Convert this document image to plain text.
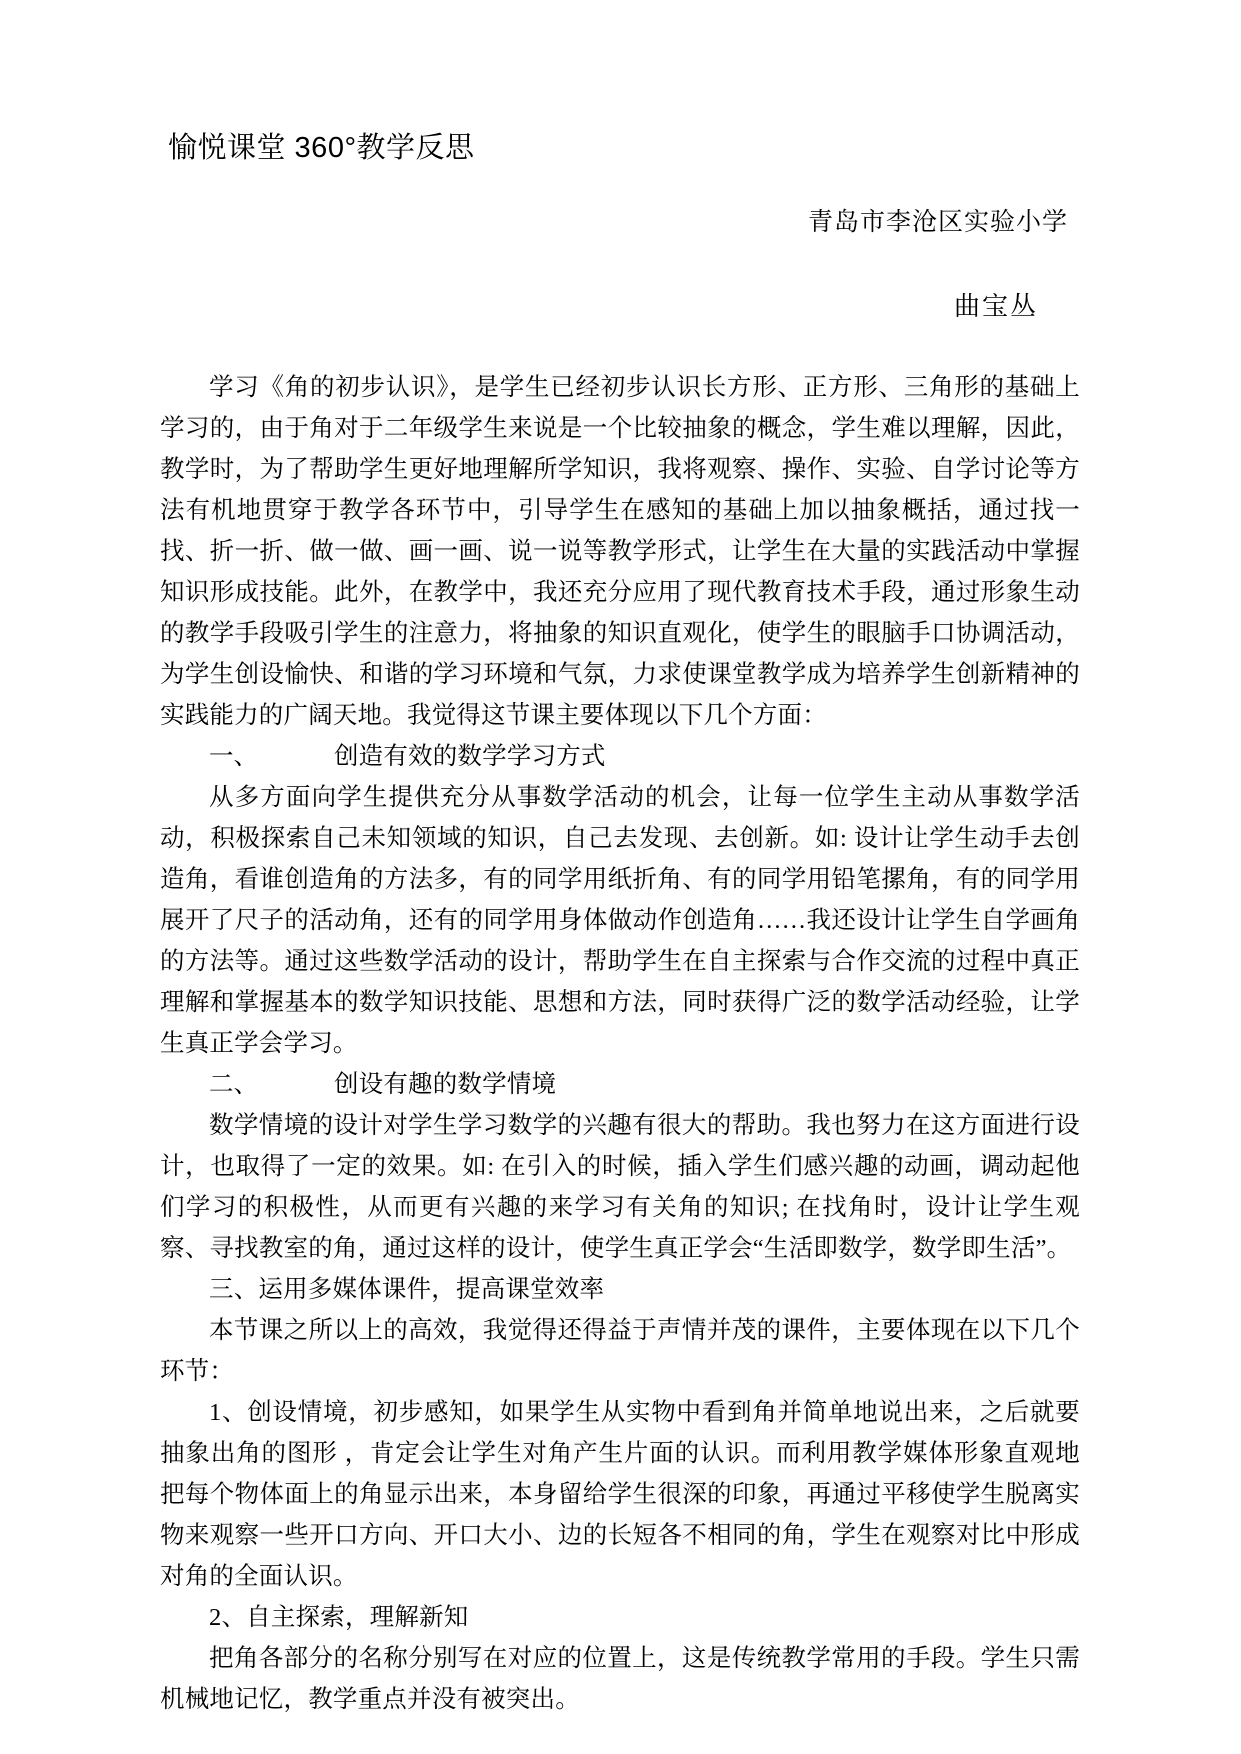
愉悦课堂 360°教学反思
青岛市李沧区实验小学
曲宝丛

学习《角的初步认识》，是学生已经初步认识长方形、正方形、三角形的基础上学习的，由于角对于二年级学生来说是一个比较抽象的概念，学生难以理解，因此，教学时，为了帮助学生更好地理解所学知识，我将观察、操作、实验、自学讨论等方法有机地贯穿于教学各环节中，引导学生在感知的基础上加以抽象概括，通过找一找、折一折、做一做、画一画、说一说等教学形式，让学生在大量的实践活动中掌握知识形成技能。此外，在教学中，我还充分应用了现代教育技术手段，通过形象生动的教学手段吸引学生的注意力，将抽象的知识直观化，使学生的眼脑手口协调活动，为学生创设愉快、和谐的学习环境和气氛，力求使课堂教学成为培养学生创新精神的实践能力的广阔天地。我觉得这节课主要体现以下几个方面：

一、	创造有效的数学学习方式

从多方面向学生提供充分从事数学活动的机会，让每一位学生主动从事数学活动，积极探索自己未知领域的知识，自己去发现、去创新。如: 设计让学生动手去创造角，看谁创造角的方法多，有的同学用纸折角、有的同学用铅笔摞角，有的同学用展开了尺子的活动角，还有的同学用身体做动作创造角……我还设计让学生自学画角的方法等。通过这些数学活动的设计，帮助学生在自主探索与合作交流的过程中真正理解和掌握基本的数学知识技能、思想和方法，同时获得广泛的数学活动经验，让学生真正学会学习。

二、	创设有趣的数学情境

数学情境的设计对学生学习数学的兴趣有很大的帮助。我也努力在这方面进行设计，也取得了一定的效果。如: 在引入的时候，插入学生们感兴趣的动画，调动起他们学习的积极性，从而更有兴趣的来学习有关角的知识; 在找角时，设计让学生观察、寻找教室的角，通过这样的设计，使学生真正学会“生活即数学，数学即生活”。

三、运用多媒体课件，提高课堂效率

本节课之所以上的高效，我觉得还得益于声情并茂的课件，主要体现在以下几个环节：

1、创设情境，初步感知，如果学生从实物中看到角并简单地说出来，之后就要抽象出角的图形 ，肯定会让学生对角产生片面的认识。而利用教学媒体形象直观地把每个物体面上的角显示出来，本身留给学生很深的印象，再通过平移使学生脱离实物来观察一些开口方向、开口大小、边的长短各不相同的角，学生在观察对比中形成对角的全面认识。

2、自主探索，理解新知

把角各部分的名称分别写在对应的位置上，这是传统教学常用的手段。学生只需机械地记忆，教学重点并没有被突出。
